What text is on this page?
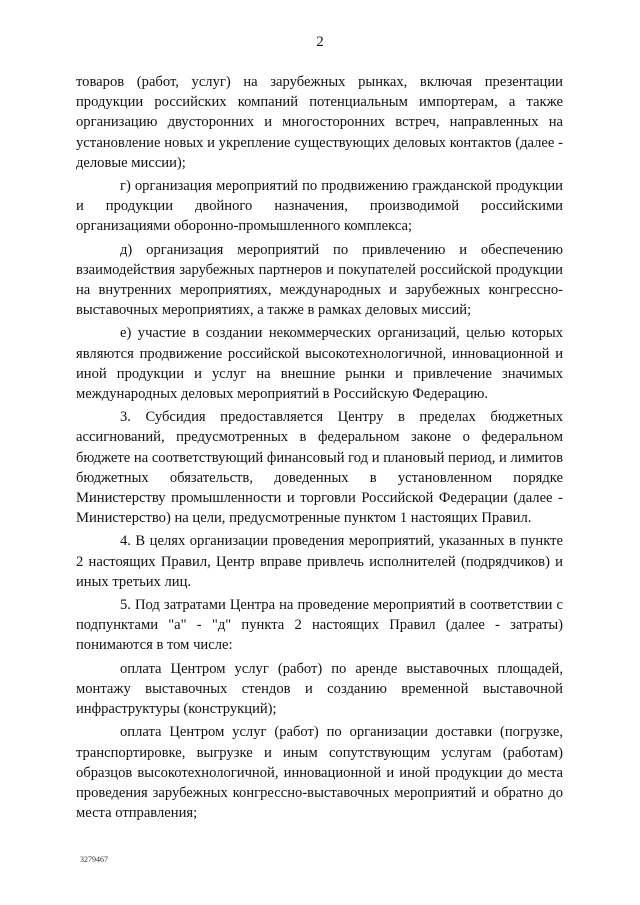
2

товаров (работ, услуг) на зарубежных рынках, включая презентации продукции российских компаний потенциальным импортерам, а также организацию двусторонних и многосторонних встреч, направленных на установление новых и укрепление существующих деловых контактов (далее - деловые миссии);

г) организация мероприятий по продвижению гражданской продукции и продукции двойного назначения, производимой российскими организациями оборонно-промышленного комплекса;

д) организация мероприятий по привлечению и обеспечению взаимодействия зарубежных партнеров и покупателей российской продукции на внутренних мероприятиях, международных и зарубежных конгрессно-выставочных мероприятиях, а также в рамках деловых миссий;

е) участие в создании некоммерческих организаций, целью которых являются продвижение российской высокотехнологичной, инновационной и иной продукции и услуг на внешние рынки и привлечение значимых международных деловых мероприятий в Российскую Федерацию.

3. Субсидия предоставляется Центру в пределах бюджетных ассигнований, предусмотренных в федеральном законе о федеральном бюджете на соответствующий финансовый год и плановый период, и лимитов бюджетных обязательств, доведенных в установленном порядке Министерству промышленности и торговли Российской Федерации (далее - Министерство) на цели, предусмотренные пунктом 1 настоящих Правил.

4. В целях организации проведения мероприятий, указанных в пункте 2 настоящих Правил, Центр вправе привлечь исполнителей (подрядчиков) и иных третьих лиц.

5. Под затратами Центра на проведение мероприятий в соответствии с подпунктами "а" - "д" пункта 2 настоящих Правил (далее - затраты) понимаются в том числе:

оплата Центром услуг (работ) по аренде выставочных площадей, монтажу выставочных стендов и созданию временной выставочной инфраструктуры (конструкций);

оплата Центром услуг (работ) по организации доставки (погрузке, транспортировке, выгрузке и иным сопутствующим услугам (работам) образцов высокотехнологичной, инновационной и иной продукции до места проведения зарубежных конгрессно-выставочных мероприятий и обратно до места отправления;

3279467
